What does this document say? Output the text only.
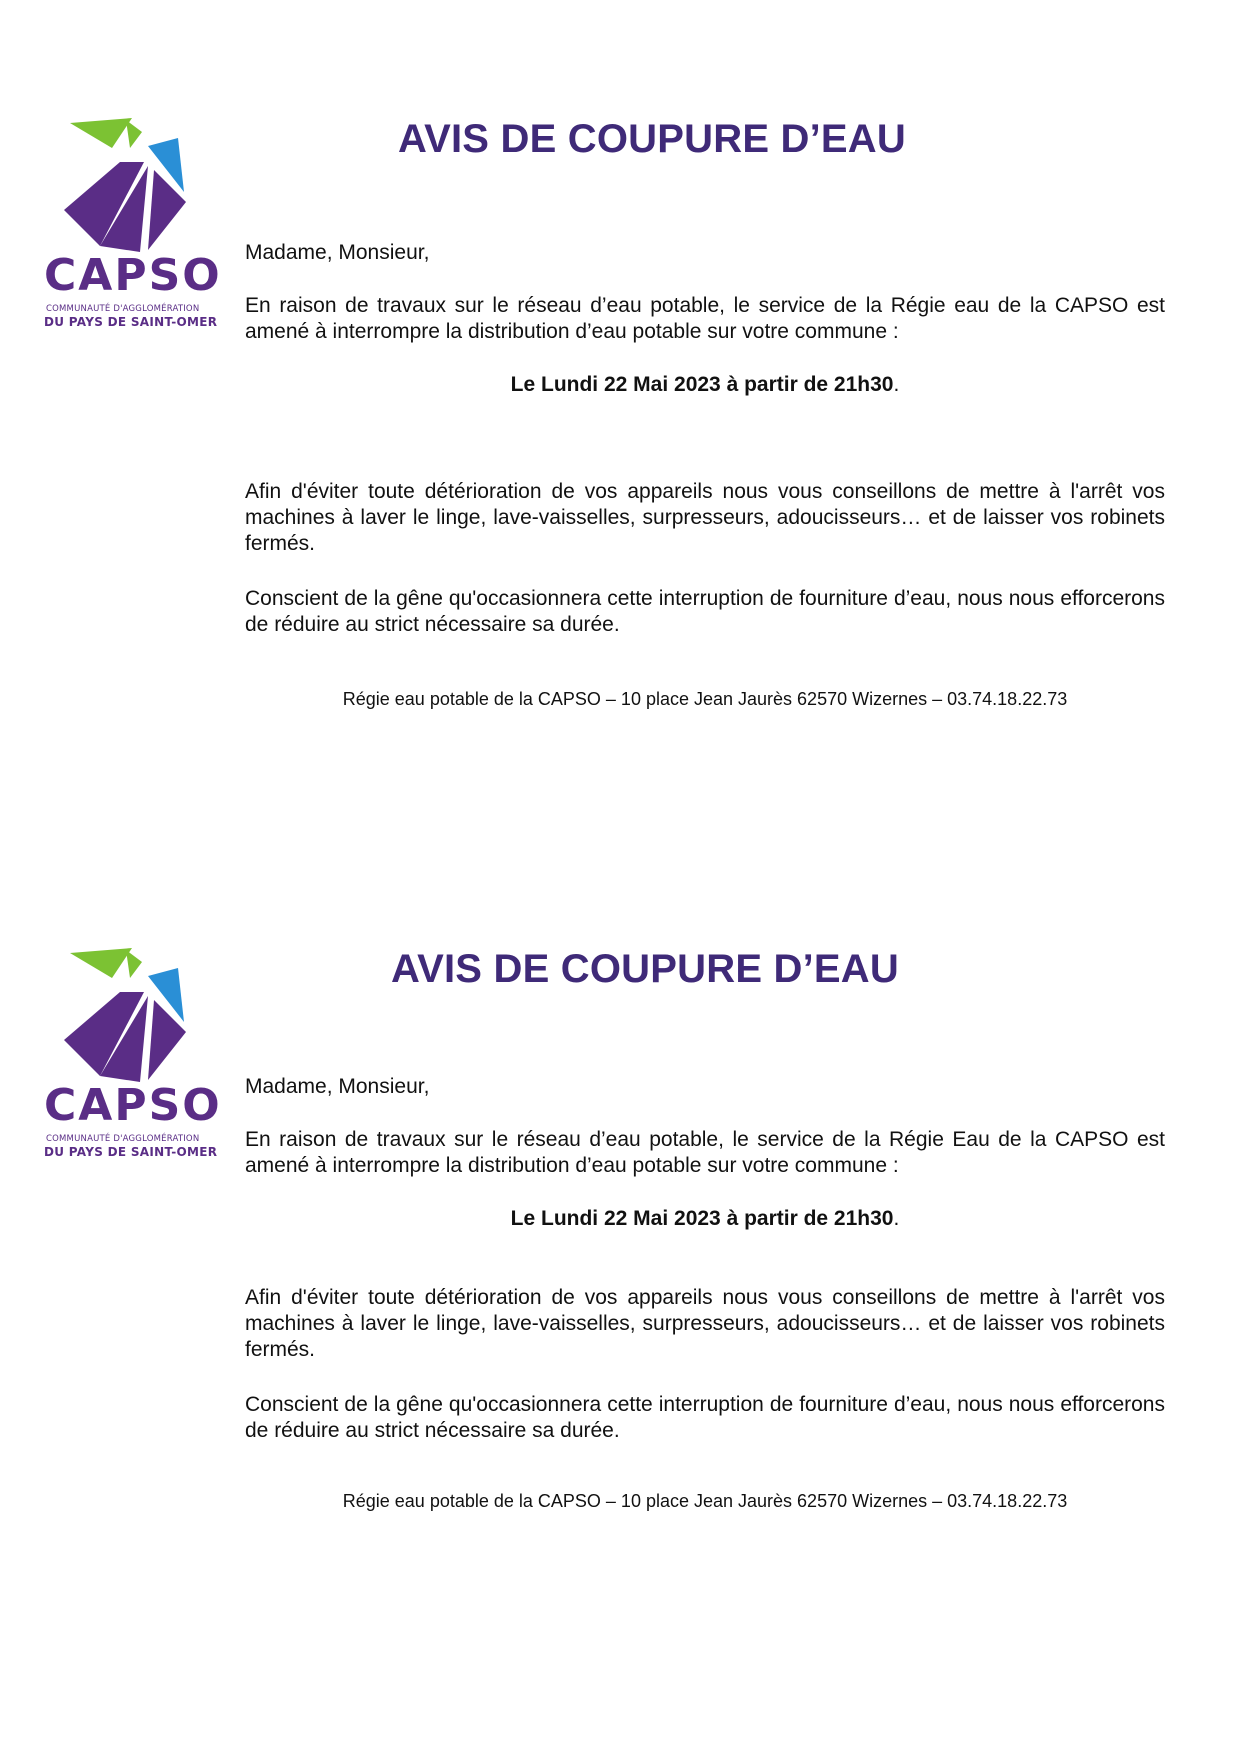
CAPSO
COMMUNAUTÉ D'AGGLOMÉRATION
DU PAYS DE SAINT-OMER
AVIS DE COUPURE D’EAU

Madame, Monsieur,

En raison de travaux sur le réseau d’eau potable, le service de la Régie eau de la CAPSO est amené à interrompre la distribution d’eau potable sur votre commune :

Le Lundi 22 Mai 2023 à partir de 21h30.

Afin d'éviter toute détérioration de vos appareils nous vous conseillons de mettre à l'arrêt vos machines à laver le linge, lave-vaisselles, surpresseurs, adoucisseurs… et de laisser vos robinets fermés.

Conscient de la gêne qu'occasionnera cette interruption de fourniture d’eau, nous nous efforcerons de réduire au strict nécessaire sa durée.

Régie eau potable de la CAPSO – 10 place Jean Jaurès 62570 Wizernes – 03.74.18.22.73

CAPSO
COMMUNAUTÉ D'AGGLOMÉRATION
DU PAYS DE SAINT-OMER
AVIS DE COUPURE D’EAU

Madame, Monsieur,

En raison de travaux sur le réseau d’eau potable, le service de la Régie Eau de la CAPSO est amené à interrompre la distribution d’eau potable sur votre commune :

Le Lundi 22 Mai 2023 à partir de 21h30.

Afin d'éviter toute détérioration de vos appareils nous vous conseillons de mettre à l'arrêt vos machines à laver le linge, lave-vaisselles, surpresseurs, adoucisseurs… et de laisser vos robinets fermés.

Conscient de la gêne qu'occasionnera cette interruption de fourniture d’eau, nous nous efforcerons de réduire au strict nécessaire sa durée.

Régie eau potable de la CAPSO – 10 place Jean Jaurès 62570 Wizernes – 03.74.18.22.73
